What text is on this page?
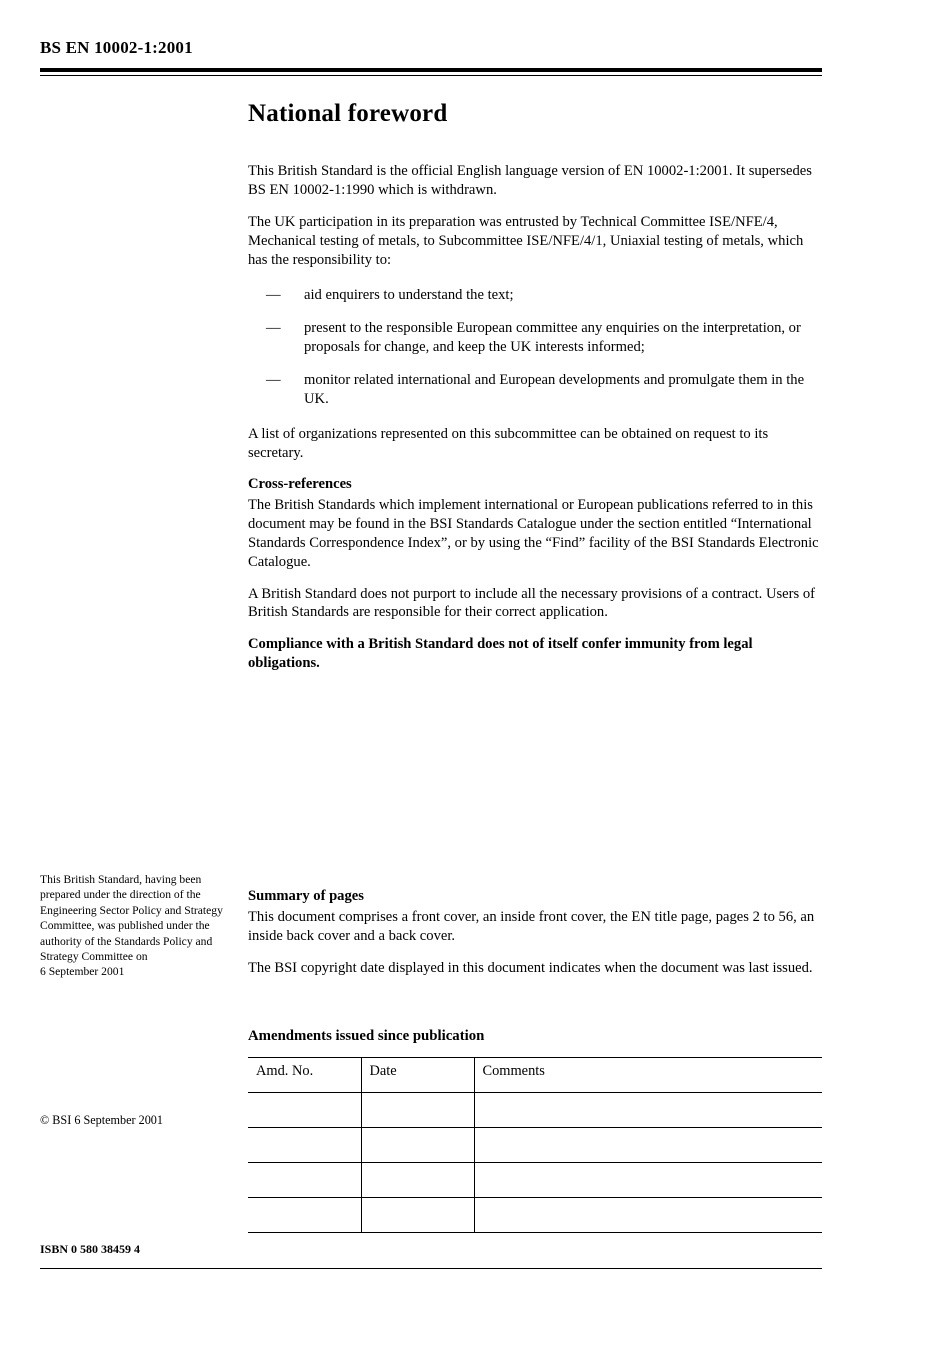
BS EN 10002-1:2001
National foreword

This British Standard is the official English language version of EN 10002-1:2001. It supersedes BS EN 10002-1:1990 which is withdrawn.

The UK participation in its preparation was entrusted by Technical Committee ISE/NFE/4, Mechanical testing of metals, to Subcommittee ISE/NFE/4/1, Uniaxial testing of metals, which has the responsibility to:

— aid enquirers to understand the text;
— present to the responsible European committee any enquiries on the interpretation, or proposals for change, and keep the UK interests informed;
— monitor related international and European developments and promulgate them in the UK.

A list of organizations represented on this subcommittee can be obtained on request to its secretary.

Cross-references

The British Standards which implement international or European publications referred to in this document may be found in the BSI Standards Catalogue under the section entitled “International Standards Correspondence Index”, or by using the “Find” facility of the BSI Standards Electronic Catalogue.

A British Standard does not purport to include all the necessary provisions of a contract. Users of British Standards are responsible for their correct application.

Compliance with a British Standard does not of itself confer immunity from legal obligations.

This British Standard, having been prepared under the direction of the Engineering Sector Policy and Strategy Committee, was published under the authority of the Standards Policy and Strategy Committee on
6 September 2001
© BSI 6 September 2001
ISBN 0 580 38459 4
Summary of pages

This document comprises a front cover, an inside front cover, the EN title page, pages 2 to 56, an inside back cover and a back cover.

The BSI copyright date displayed in this document indicates when the document was last issued.

Amendments issued since publication
Amd. No.	Date	Comments
